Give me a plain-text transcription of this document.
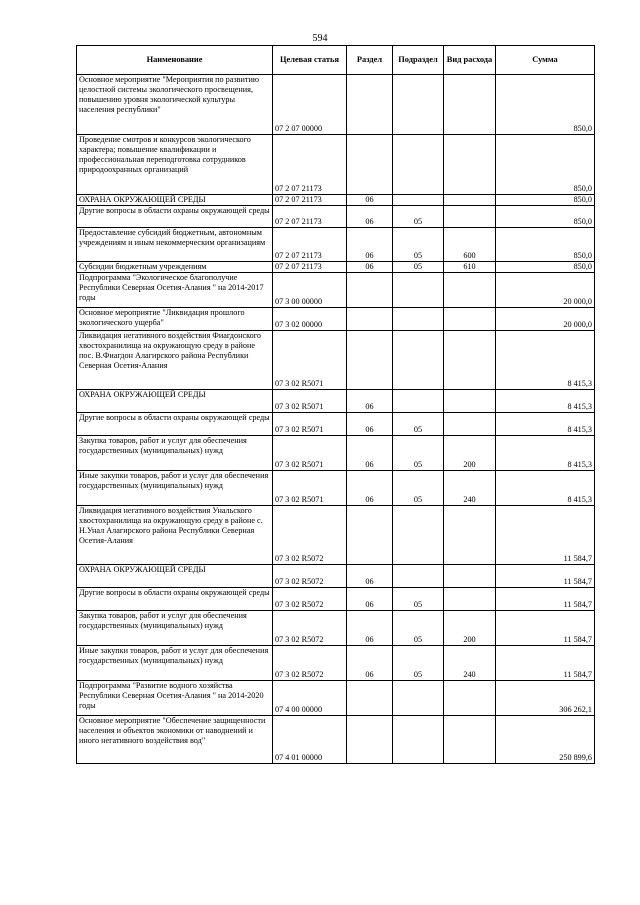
594
Наименование	Целевая статья	Раздел	Подраздел	Вид расхода	Сумма
Основное мероприятие "Мероприятия по развитию целостной системы экологического просвещения, повышению уровня экологической культуры населения республики"	07 2 07 00000				850,0
Проведение смотров и конкурсов экологического характера; повышение квалификации и профессиональная переподготовка сотрудников природоохранных организаций	07 2 07 21173				850,0
ОХРАНА ОКРУЖАЮЩЕЙ СРЕДЫ	07 2 07 21173	06			850,0
Другие вопросы в области охраны окружающей среды	07 2 07 21173	06	05		850,0
Предоставление субсидий бюджетным, автономным учреждениям и иным некоммерческим организациям	07 2 07 21173	06	05	600	850,0
Субсидии бюджетным учреждениям	07 2 07 21173	06	05	610	850,0
Подпрограмма "Экологическое благополучие Республики Северная Осетия-Алания " на 2014-2017 годы	07 3 00 00000				20 000,0
Основное мероприятие "Ликвидация прошлого экологического ущерба"	07 3 02 00000				20 000,0
Ликвидация негативного воздействия Фиагдонского хвостохранилища на окружающую среду в районе пос. В.Фиагдон Алагирского района Республики Северная Осетия-Алания	07 3 02 R5071				8 415,3
ОХРАНА ОКРУЖАЮЩЕЙ СРЕДЫ	07 3 02 R5071	06			8 415,3
Другие вопросы в области охраны окружающей среды	07 3 02 R5071	06	05		8 415,3
Закупка товаров, работ и услуг для обеспечения государственных (муниципальных) нужд	07 3 02 R5071	06	05	200	8 415,3
Иные закупки товаров, работ и услуг для обеспечения государственных (муниципальных) нужд	07 3 02 R5071	06	05	240	8 415,3
Ликвидация негативного воздействия Унальского хвостохранилища на окружающую среду в районе с. Н.Унал Алагирского района Республики Северная Осетия-Алания	07 3 02 R5072				11 584,7
ОХРАНА ОКРУЖАЮЩЕЙ СРЕДЫ	07 3 02 R5072	06			11 584,7
Другие вопросы в области охраны окружающей среды	07 3 02 R5072	06	05		11 584,7
Закупка товаров, работ и услуг для обеспечения государственных (муниципальных) нужд	07 3 02 R5072	06	05	200	11 584,7
Иные закупки товаров, работ и услуг для обеспечения государственных (муниципальных) нужд	07 3 02 R5072	06	05	240	11 584,7
Подпрограмма "Развитие водного хозяйства Республики Северная Осетия-Алания " на 2014-2020 годы	07 4 00 00000				306 262,1
Основное мероприятие "Обеспечение защищенности населения и объектов экономики от наводнений и иного негативного воздействия вод"	07 4 01 00000				250 899,6
